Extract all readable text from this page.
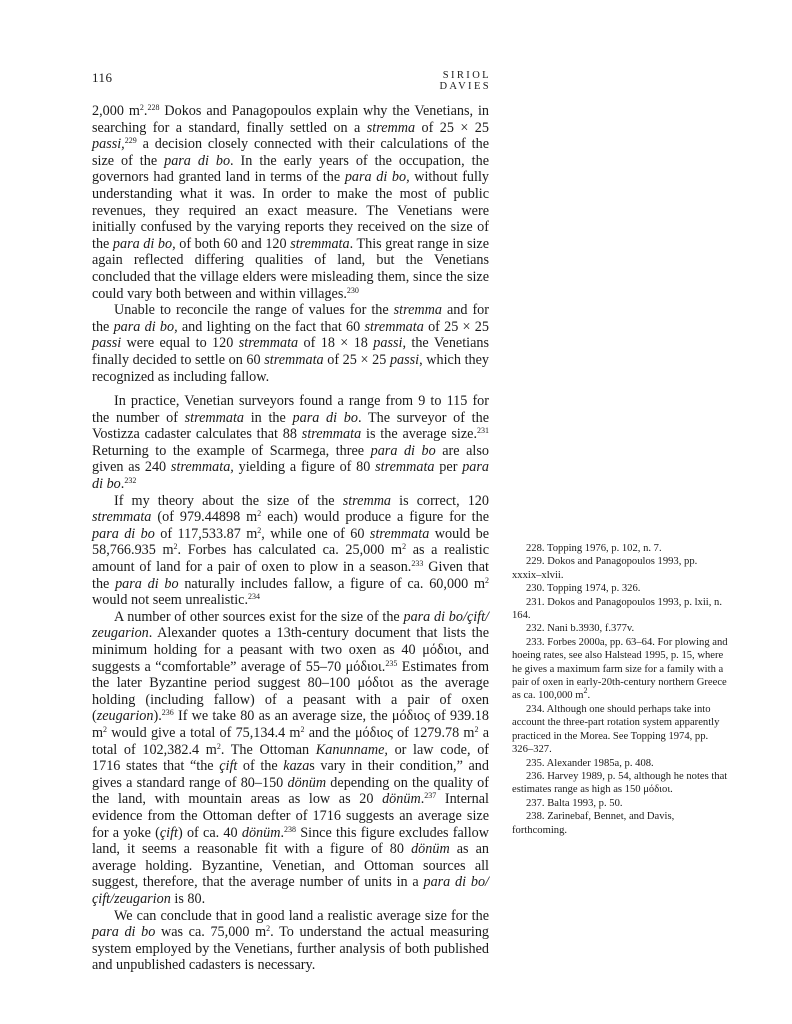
116	SIRIOL DAVIES

2,000 $m^2.^{228}$ Dokos and Panagopoulos explain why the Venetians, in searching for a standard, finally settled on a stremma of 25 × 25 passi,$^{229}$ a decision closely connected with their calculations of the size of the para di bo. In the early years of the occupation, the governors had granted land in terms of the para di bo, without fully understanding what it was. In order to make the most of public revenues, they required an exact measure. The Venetians were initially confused by the varying reports they received on the size of the para di bo, of both 60 and 120 stremmata. This great range in size again reflected differing qualities of land, but the Venetians concluded that the village elders were misleading them, since the size could vary both between and within villages.$^{230}$

Unable to reconcile the range of values for the stremma and for the para di bo, and lighting on the fact that 60 stremmata of 25 × 25 passi were equal to 120 stremmata of 18 × 18 passi, the Venetians finally decided to settle on 60 stremmata of 25 × 25 passi, which they recognized as including fallow.

In practice, Venetian surveyors found a range from 9 to 115 for the number of stremmata in the para di bo. The surveyor of the Vostizza cadaster calculates that 88 stremmata is the average size.$^{231}$ Returning to the example of Scarmega, three para di bo are also given as 240 stremmata, yielding a figure of 80 stremmata per para di bo.$^{232}$

If my theory about the size of the stremma is correct, 120 stremmata (of 979.44898 $m^2$ each) would produce a figure for the para di bo of 117,533.87 $m^2$, while one of 60 stremmata would be 58,766.935 $m^2$. Forbes has calculated ca. 25,000 $m^2$ as a realistic amount of land for a pair of oxen to plow in a season.$^{233}$ Given that the para di bo naturally includes fallow, a figure of ca. 60,000 $m^2$ would not seem unrealistic.$^{234}$

A number of other sources exist for the size of the para di bo/çift/ zeugarion. Alexander quotes a 13th-century document that lists the minimum holding for a peasant with two oxen as 40 μόδιοι, and suggests a “comfortable” average of 55–70 μόδιοι.$^{235}$ Estimates from the later Byzantine period suggest 80–100 μόδιοι as the average holding (including fallow) of a peasant with a pair of oxen (zeugarion).$^{236}$ If we take 80 as an average size, the μόδιος of 939.18 $m^2$ would give a total of 75,134.4 $m^2$ and the μόδιος of 1279.78 $m^2$ a total of 102,382.4 $m^2$. The Ottoman Kanunname, or law code, of 1716 states that “the çift of the kazas vary in their condition,” and gives a standard range of 80–150 dönüm depending on the quality of the land, with mountain areas as low as 20 dönüm.$^{237}$ Internal evidence from the Ottoman defter of 1716 suggests an average size for a yoke (çift) of ca. 40 dönüm.$^{238}$ Since this figure excludes fallow land, it seems a reasonable fit with a figure of 80 dönüm as an average holding. Byzantine, Venetian, and Ottoman sources all suggest, therefore, that the average number of units in a para di bo/çift/zeugarion is 80.

We can conclude that in good land a realistic average size for the para di bo was ca. 75,000 $m^2$. To understand the actual measuring system employed by the Venetians, further analysis of both published and unpublished cadasters is necessary.

228. Topping 1976, p. 102, n. 7.
229. Dokos and Panagopoulos 1993, pp. xxxix–xlvii.
230. Topping 1974, p. 326.
231. Dokos and Panagopoulos 1993, p. lxii, n. 164.
232. Nani b.3930, f.377v.
233. Forbes 2000a, pp. 63–64. For plowing and hoeing rates, see also Halstead 1995, p. 15, where he gives a maximum farm size for a family with a pair of oxen in early-20th-century northern Greece as ca. 100,000 $m^2$.
234. Although one should perhaps take into account the three-part rotation system apparently practiced in the Morea. See Topping 1974, pp. 326–327.
235. Alexander 1985a, p. 408.
236. Harvey 1989, p. 54, although he notes that estimates range as high as 150 μόδιοι.
237. Balta 1993, p. 50.
238. Zarinebaf, Bennet, and Davis, forthcoming.
